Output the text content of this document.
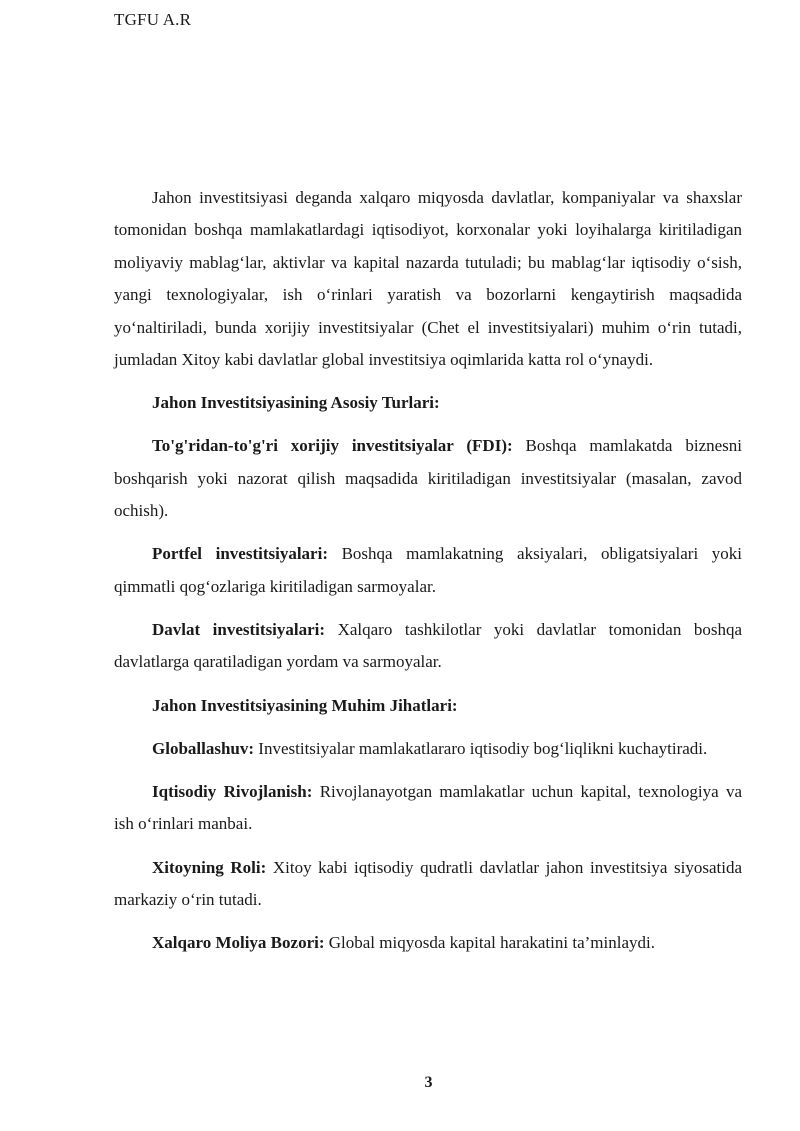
TGFU A.R

Jahon investitsiyasi deganda xalqaro miqyosda davlatlar, kompaniyalar va shaxslar tomonidan boshqa mamlakatlardagi iqtisodiyot, korxonalar yoki loyihalarga kiritiladigan moliyaviy mablag‘lar, aktivlar va kapital nazarda tutuladi; bu mablag‘lar iqtisodiy o‘sish, yangi texnologiyalar, ish o‘rinlari yaratish va bozorlarni kengaytirish maqsadida yo‘naltiriladi, bunda xorijiy investitsiyalar (Chet el investitsiyalari) muhim o‘rin tutadi, jumladan Xitoy kabi davlatlar global investitsiya oqimlarida katta rol o‘ynaydi.

Jahon Investitsiyasining Asosiy Turlari:

To'g'ridan-to'g'ri xorijiy investitsiyalar (FDI): Boshqa mamlakatda biznesni boshqarish yoki nazorat qilish maqsadida kiritiladigan investitsiyalar (masalan, zavod ochish).

Portfel investitsiyalari: Boshqa mamlakatning aksiyalari, obligatsiyalari yoki qimmatli qog‘ozlariga kiritiladigan sarmoyalar.

Davlat investitsiyalari: Xalqaro tashkilotlar yoki davlatlar tomonidan boshqa davlatlarga qaratiladigan yordam va sarmoyalar.

Jahon Investitsiyasining Muhim Jihatlari:

Globallashuv: Investitsiyalar mamlakatlararo iqtisodiy bog‘liqlikni kuchaytiradi.

Iqtisodiy Rivojlanish: Rivojlanayotgan mamlakatlar uchun kapital, texnologiya va ish o‘rinlari manbai.

Xitoyning Roli: Xitoy kabi iqtisodiy qudratli davlatlar jahon investitsiya siyosatida markaziy o‘rin tutadi.

Xalqaro Moliya Bozori: Global miqyosda kapital harakatini ta’minlaydi.

3
